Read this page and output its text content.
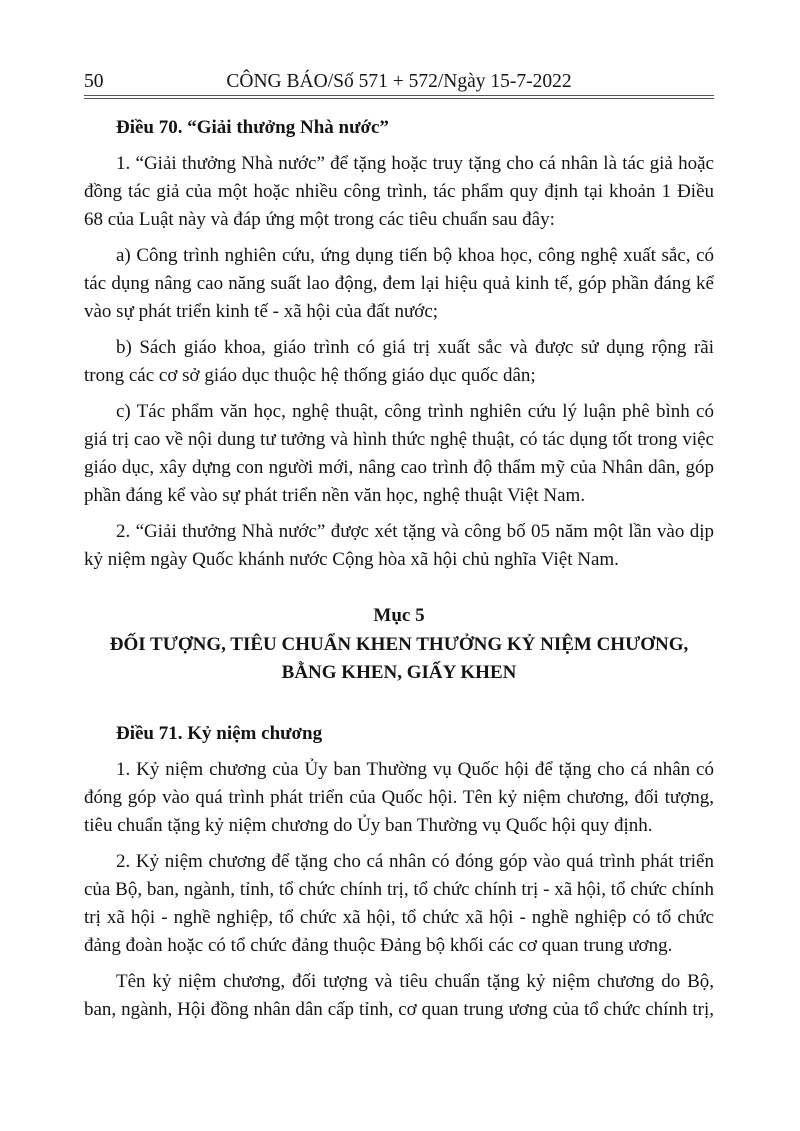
50	CÔNG BÁO/Số 571 + 572/Ngày 15-7-2022
Điều 70. “Giải thưởng Nhà nước”

1. “Giải thưởng Nhà nước” để tặng hoặc truy tặng cho cá nhân là tác giả hoặc đồng tác giả của một hoặc nhiều công trình, tác phẩm quy định tại khoản 1 Điều 68 của Luật này và đáp ứng một trong các tiêu chuẩn sau đây:

a) Công trình nghiên cứu, ứng dụng tiến bộ khoa học, công nghệ xuất sắc, có tác dụng nâng cao năng suất lao động, đem lại hiệu quả kinh tế, góp phần đáng kể vào sự phát triển kinh tế - xã hội của đất nước;

b) Sách giáo khoa, giáo trình có giá trị xuất sắc và được sử dụng rộng rãi trong các cơ sở giáo dục thuộc hệ thống giáo dục quốc dân;

c) Tác phẩm văn học, nghệ thuật, công trình nghiên cứu lý luận phê bình có giá trị cao về nội dung tư tưởng và hình thức nghệ thuật, có tác dụng tốt trong việc giáo dục, xây dựng con người mới, nâng cao trình độ thẩm mỹ của Nhân dân, góp phần đáng kể vào sự phát triển nền văn học, nghệ thuật Việt Nam.

2. “Giải thưởng Nhà nước” được xét tặng và công bố 05 năm một lần vào dịp kỷ niệm ngày Quốc khánh nước Cộng hòa xã hội chủ nghĩa Việt Nam.

Mục 5
ĐỐI TƯỢNG, TIÊU CHUẨN KHEN THƯỞNG KỶ NIỆM CHƯƠNG,
BẰNG KHEN, GIẤY KHEN
Điều 71. Kỷ niệm chương

1. Kỷ niệm chương của Ủy ban Thường vụ Quốc hội để tặng cho cá nhân có đóng góp vào quá trình phát triển của Quốc hội. Tên kỷ niệm chương, đối tượng, tiêu chuẩn tặng kỷ niệm chương do Ủy ban Thường vụ Quốc hội quy định.

2. Kỷ niệm chương để tặng cho cá nhân có đóng góp vào quá trình phát triển của Bộ, ban, ngành, tỉnh, tổ chức chính trị, tổ chức chính trị - xã hội, tổ chức chính trị xã hội - nghề nghiệp, tổ chức xã hội, tổ chức xã hội - nghề nghiệp có tổ chức đảng đoàn hoặc có tổ chức đảng thuộc Đảng bộ khối các cơ quan trung ương.

Tên kỷ niệm chương, đối tượng và tiêu chuẩn tặng kỷ niệm chương do Bộ, ban, ngành, Hội đồng nhân dân cấp tỉnh, cơ quan trung ương của tổ chức chính trị,
